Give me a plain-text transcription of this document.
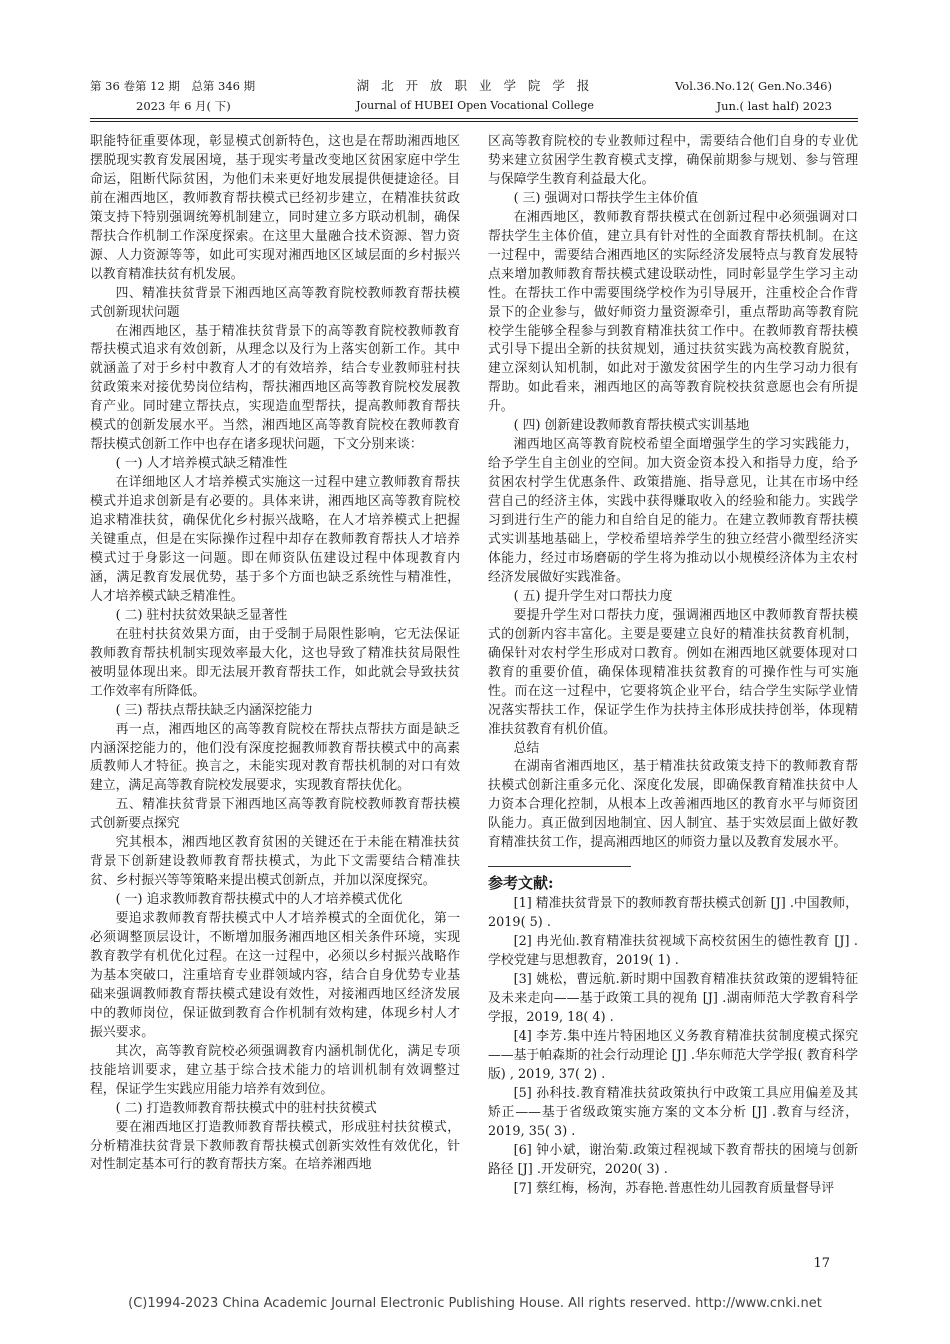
第 36 卷第 12 期　总第 346 期
2023 年 6 月( 下)
湖 北 开 放 职 业 学 院 学 报
Journal of HUBEI Open Vocational College
Vol.36.No.12( Gen.No.346)
Jun.( last half) 2023

职能特征重要体现，彰显模式创新特色，这也是在帮助湘西地区摆脱现实教育发展困境，基于现实考量改变地区贫困家庭中学生命运，阻断代际贫困，为他们未来更好地发展提供便捷途径。目前在湘西地区，教师教育帮扶模式已经初步建立，在精准扶贫政策支持下特别强调统筹机制建立，同时建立多方联动机制，确保帮扶合作机制工作深度探索。在这里大量融合技术资源、智力资源、人力资源等等，如此可实现对湘西地区区域层面的乡村振兴以教育精准扶贫有机发展。

四、精准扶贫背景下湘西地区高等教育院校教师教育帮扶模式创新现状问题

在湘西地区，基于精准扶贫背景下的高等教育院校教师教育帮扶模式追求有效创新，从理念以及行为上落实创新工作。其中就涵盖了对于乡村中教育人才的有效培养，结合专业教师驻村扶贫政策来对接优势岗位结构，帮扶湘西地区高等教育院校发展教育产业。同时建立帮扶点，实现造血型帮扶，提高教师教育帮扶模式的创新发展水平。当然，湘西地区高等教育院校在教师教育帮扶模式创新工作中也存在诸多现状问题，下文分别来谈：

( 一) 人才培养模式缺乏精准性

在详细地区人才培养模式实施这一过程中建立教师教育帮扶模式并追求创新是有必要的。具体来讲，湘西地区高等教育院校追求精准扶贫，确保优化乡村振兴战略，在人才培养模式上把握关键重点，但是在实际操作过程中却存在教师教育帮扶人才培养模式过于身影这一问题。即在师资队伍建设过程中体现教育内涵，满足教育发展优势，基于多个方面也缺乏系统性与精准性，人才培养模式缺乏精准性。

( 二) 驻村扶贫效果缺乏显著性

在驻村扶贫效果方面，由于受制于局限性影响，它无法保证教师教育帮扶机制实现效率最大化，这也导致了精准扶贫局限性被明显体现出来。即无法展开教育帮扶工作，如此就会导致扶贫工作效率有所降低。

( 三) 帮扶点帮扶缺乏内涵深挖能力

再一点，湘西地区的高等教育院校在帮扶点帮扶方面是缺乏内涵深挖能力的，他们没有深度挖掘教师教育帮扶模式中的高素质教师人才特征。换言之，未能实现对教育帮扶机制的对口有效建立，满足高等教育院校发展要求，实现教育帮扶优化。

五、精准扶贫背景下湘西地区高等教育院校教师教育帮扶模式创新要点探究

究其根本，湘西地区教育贫困的关键还在于未能在精准扶贫背景下创新建设教师教育帮扶模式，为此下文需要结合精准扶贫、乡村振兴等等策略来提出模式创新点，并加以深度探究。

( 一) 追求教师教育帮扶模式中的人才培养模式优化

要追求教师教育帮扶模式中人才培养模式的全面优化，第一必须调整顶层设计，不断增加服务湘西地区相关条件环境，实现教育教学有机优化过程。在这一过程中，必须以乡村振兴战略作为基本突破口，注重培育专业群领域内容，结合自身优势专业基础来强调教师教育帮扶模式建设有效性，对接湘西地区经济发展中的教师岗位，保证做到教育合作机制有效构建，体现乡村人才振兴要求。

其次，高等教育院校必须强调教育内涵机制优化，满足专项技能培训要求，建立基于综合技术能力的培训机制有效调整过程，保证学生实践应用能力培养有效到位。

( 二) 打造教师教育帮扶模式中的驻村扶贫模式

要在湘西地区打造教师教育帮扶模式，形成驻村扶贫模式，分析精准扶贫背景下教师教育帮扶模式创新实效性有效优化，针对性制定基本可行的教育帮扶方案。在培养湘西地

区高等教育院校的专业教师过程中，需要结合他们自身的专业优势来建立贫困学生教育模式支撑，确保前期参与规划、参与管理与保障学生教育利益最大化。

( 三) 强调对口帮扶学生主体价值

在湘西地区，教师教育帮扶模式在创新过程中必须强调对口帮扶学生主体价值，建立具有针对性的全面教育帮扶机制。在这一过程中，需要结合湘西地区的实际经济发展特点与教育发展特点来增加教师教育帮扶模式建设联动性，同时彰显学生学习主动性。在帮扶工作中需要围绕学校作为引导展开，注重校企合作背景下的企业参与，做好师资力量资源牵引，重点帮助高等教育院校学生能够全程参与到教育精准扶贫工作中。在教师教育帮扶模式引导下提出全新的扶贫规划，通过扶贫实践为高校教育脱贫，建立深刻认知机制，如此对于激发贫困学生的内生学习动力很有帮助。如此看来，湘西地区的高等教育院校扶贫意愿也会有所提升。

( 四) 创新建设教师教育帮扶模式实训基地

湘西地区高等教育院校希望全面增强学生的学习实践能力，给予学生自主创业的空间。加大资金资本投入和指导力度，给予贫困农村学生优惠条件、政策措施、指导意见，让其在市场中经营自己的经济主体，实践中获得赚取收入的经验和能力。实践学习到进行生产的能力和自给自足的能力。在建立教师教育帮扶模式实训基地基础上，学校希望培养学生的独立经营小微型经济实体能力，经过市场磨砺的学生将为推动以小规模经济体为主农村经济发展做好实践准备。

( 五) 提升学生对口帮扶力度

要提升学生对口帮扶力度，强调湘西地区中教师教育帮扶模式的创新内容丰富化。主要是要建立良好的精准扶贫教育机制，确保针对农村学生形成对口教育。例如在湘西地区就要体现对口教育的重要价值，确保体现精准扶贫教育的可操作性与可实施性。而在这一过程中，它要将筑企业平台，结合学生实际学业情况落实帮扶工作，保证学生作为扶持主体形成扶持创举，体现精准扶贫教育有机价值。

总结

在湖南省湘西地区，基于精准扶贫政策支持下的教师教育帮扶模式创新注重多元化、深度化发展，即确保教育精准扶贫中人力资本合理化控制，从根本上改善湘西地区的教育水平与师资团队能力。真正做到因地制宜、因人制宜、基于实效层面上做好教育精准扶贫工作，提高湘西地区的师资力量以及教育发展水平。

参考文献:

[1] 精准扶贫背景下的教师教育帮扶模式创新 [J] .中国教师，2019( 5) .

[2] 冉光仙.教育精准扶贫视域下高校贫困生的德性教育 [J] .学校党建与思想教育，2019( 1) .

[3] 姚松，曹远航.新时期中国教育精准扶贫政策的逻辑特征及未来走向——基于政策工具的视角 [J] .湖南师范大学教育科学学报，2019, 18( 4) .

[4] 李芳.集中连片特困地区义务教育精准扶贫制度模式探究——基于帕森斯的社会行动理论 [J] .华东师范大学学报( 教育科学版) , 2019, 37( 2) .

[5] 孙科技.教育精准扶贫政策执行中政策工具应用偏差及其矫正——基于省级政策实施方案的文本分析 [J] .教育与经济，2019, 35( 3) .

[6] 钟小斌，谢治菊.政策过程视域下教育帮扶的困境与创新路径 [J] .开发研究，2020( 3) .

[7] 蔡红梅，杨洵，苏春艳.普惠性幼儿园教育质量督导评

17
(C)1994-2023 China Academic Journal Electronic Publishing House. All rights reserved. http://www.cnki.net
